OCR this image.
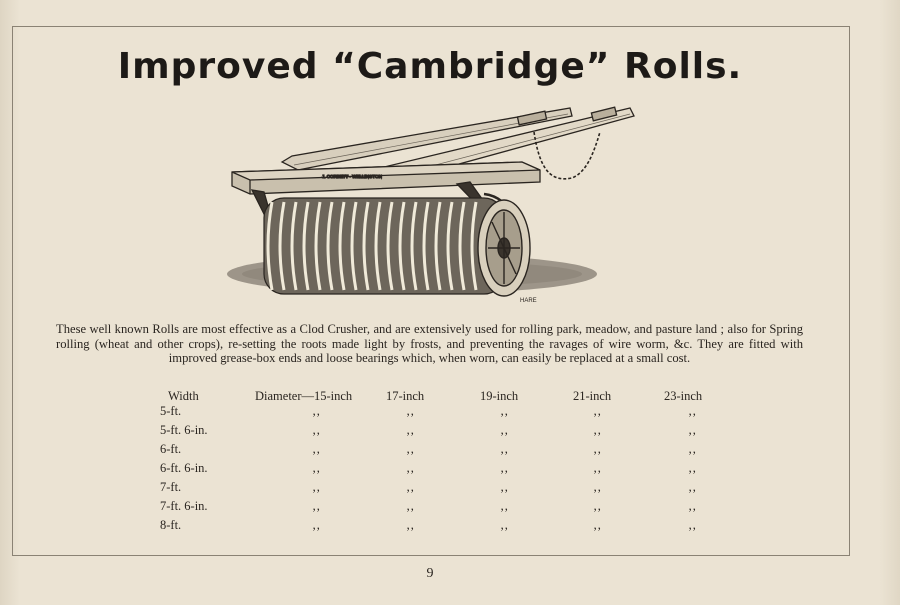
Improved “Cambridge” Rolls.
J. CORBETT · WELLINGTON
HARE
These well known Rolls are most effective as a Clod Crusher, and are extensively used for rolling park, meadow, and pasture land ; also for Spring rolling (wheat and other crops), re-setting the roots made light by frosts, and preventing the ravages of wire worm, &c. They are fitted with improved grease-box ends and loose bearings which, when worn, can easily be replaced at a small cost.
Width	Diameter—15-inch	17-inch	19-inch	21-inch	23-inch
5-ft.	‚‚	‚‚	‚‚	‚‚	‚‚
5-ft. 6-in.	‚‚	‚‚	‚‚	‚‚	‚‚
6-ft.	‚‚	‚‚	‚‚	‚‚	‚‚
6-ft. 6-in.	‚‚	‚‚	‚‚	‚‚	‚‚
7-ft.	‚‚	‚‚	‚‚	‚‚	‚‚
7-ft. 6-in.	‚‚	‚‚	‚‚	‚‚	‚‚
8-ft.	‚‚	‚‚	‚‚	‚‚	‚‚
9
